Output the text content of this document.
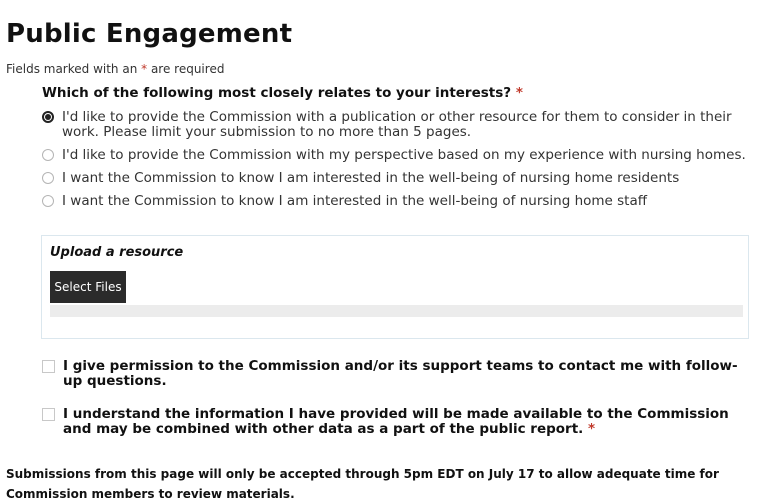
Public Engagement
Fields marked with an * are required
Which of the following most closely relates to your interests? *
I'd like to provide the Commission with a publication or other resource for them to consider in their work. Please limit your submission to no more than 5 pages.
I'd like to provide the Commission with my perspective based on my experience with nursing homes.
I want the Commission to know I am interested in the well-being of nursing home residents
I want the Commission to know I am interested in the well-being of nursing home staff
Upload a resource
Select Files
I give permission to the Commission and/or its support teams to contact me with follow-up questions.
I understand the information I have provided will be made available to the Commission and may be combined with other data as a part of the public report. *
Submissions from this page will only be accepted through 5pm EDT on July 17 to allow adequate time for Commission members to review materials.
